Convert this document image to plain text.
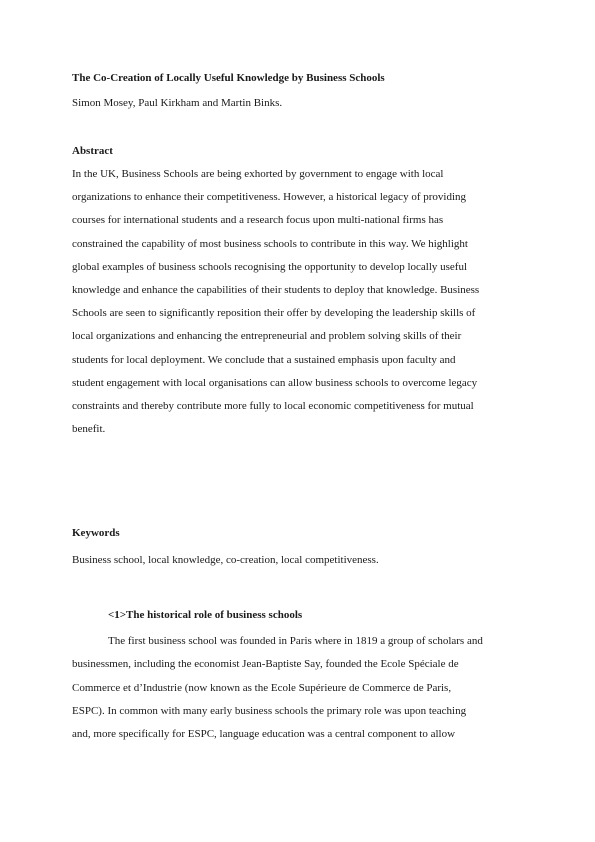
The Co-Creation of Locally Useful Knowledge by Business Schools
Simon Mosey, Paul Kirkham and Martin Binks.
Abstract

In the UK, Business Schools are being exhorted by government to engage with local
organizations to enhance their competitiveness. However, a historical legacy of providing
courses for international students and a research focus upon multi-national firms has
constrained the capability of most business schools to contribute in this way. We highlight
global examples of business schools recognising the opportunity to develop locally useful
knowledge and enhance the capabilities of their students to deploy that knowledge. Business
Schools are seen to significantly reposition their offer by developing the leadership skills of
local organizations and enhancing the entrepreneurial and problem solving skills of their
students for local deployment. We conclude that a sustained emphasis upon faculty and
student engagement with local organisations can allow business schools to overcome legacy
constraints and thereby contribute more fully to local economic competitiveness for mutual
benefit.

Keywords
Business school, local knowledge, co-creation, local competitiveness.
<1>The historical role of business schools

The first business school was founded in Paris where in 1819 a group of scholars and
businessmen, including the economist Jean-Baptiste Say, founded the Ecole Spéciale de
Commerce et d’Industrie (now known as the Ecole Supérieure de Commerce de Paris,
ESPC). In common with many early business schools the primary role was upon teaching
and, more specifically for ESPC, language education was a central component to allow
